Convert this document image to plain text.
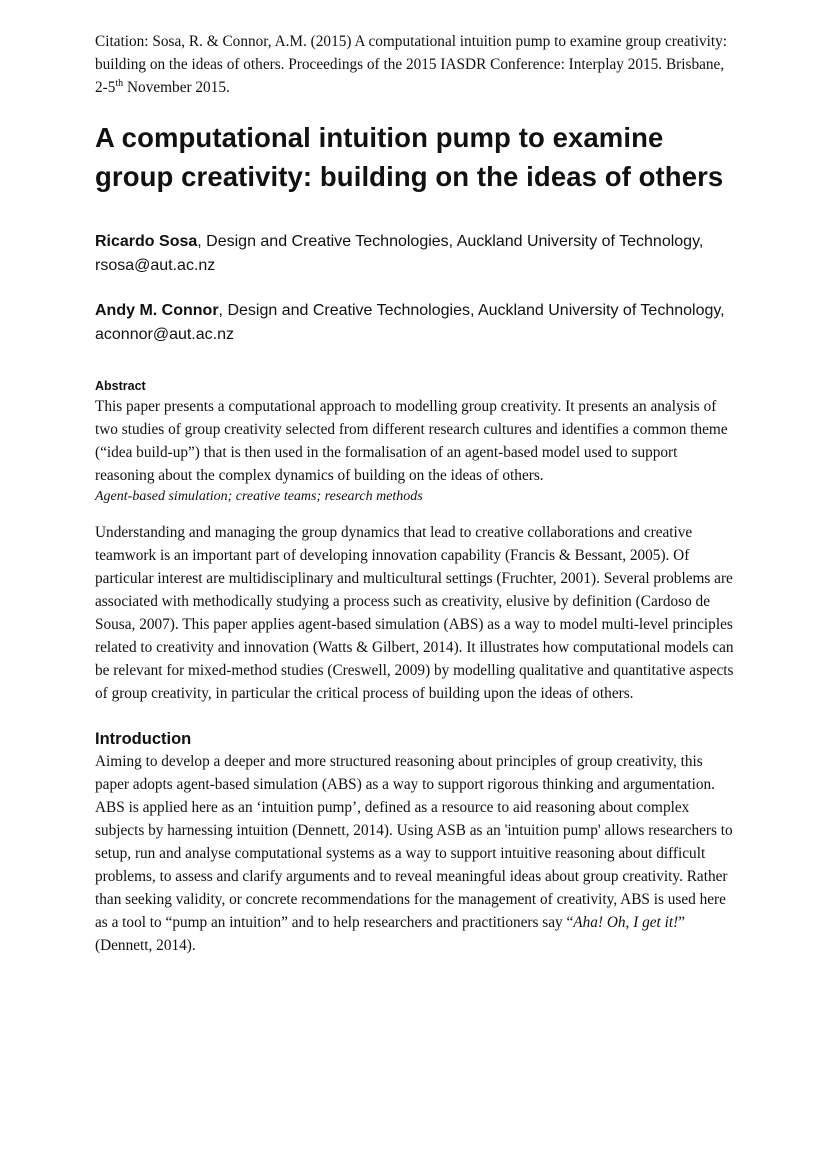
Citation: Sosa, R. & Connor, A.M. (2015) A computational intuition pump to examine group creativity: building on the ideas of others. Proceedings of the 2015 IASDR Conference: Interplay 2015. Brisbane, 2-5th November 2015.

A computational intuition pump to examine group creativity: building on the ideas of others

Ricardo Sosa, Design and Creative Technologies, Auckland University of Technology, rsosa@aut.ac.nz

Andy M. Connor, Design and Creative Technologies, Auckland University of Technology, aconnor@aut.ac.nz

Abstract

This paper presents a computational approach to modelling group creativity. It presents an analysis of two studies of group creativity selected from different research cultures and identifies a common theme (“idea build-up”) that is then used in the formalisation of an agent-based model used to support reasoning about the complex dynamics of building on the ideas of others.

Agent-based simulation; creative teams; research methods

Understanding and managing the group dynamics that lead to creative collaborations and creative teamwork is an important part of developing innovation capability (Francis & Bessant, 2005). Of particular interest are multidisciplinary and multicultural settings (Fruchter, 2001). Several problems are associated with methodically studying a process such as creativity, elusive by definition (Cardoso de Sousa, 2007). This paper applies agent-based simulation (ABS) as a way to model multi-level principles related to creativity and innovation (Watts & Gilbert, 2014). It illustrates how computational models can be relevant for mixed-method studies (Creswell, 2009) by modelling qualitative and quantitative aspects of group creativity, in particular the critical process of building upon the ideas of others.

Introduction

Aiming to develop a deeper and more structured reasoning about principles of group creativity, this paper adopts agent-based simulation (ABS) as a way to support rigorous thinking and argumentation. ABS is applied here as an ‘intuition pump’, defined as a resource to aid reasoning about complex subjects by harnessing intuition (Dennett, 2014). Using ASB as an 'intuition pump' allows researchers to setup, run and analyse computational systems as a way to support intuitive reasoning about difficult problems, to assess and clarify arguments and to reveal meaningful ideas about group creativity. Rather than seeking validity, or concrete recommendations for the management of creativity, ABS is used here as a tool to “pump an intuition” and to help researchers and practitioners say “Aha! Oh, I get it!” (Dennett, 2014).
